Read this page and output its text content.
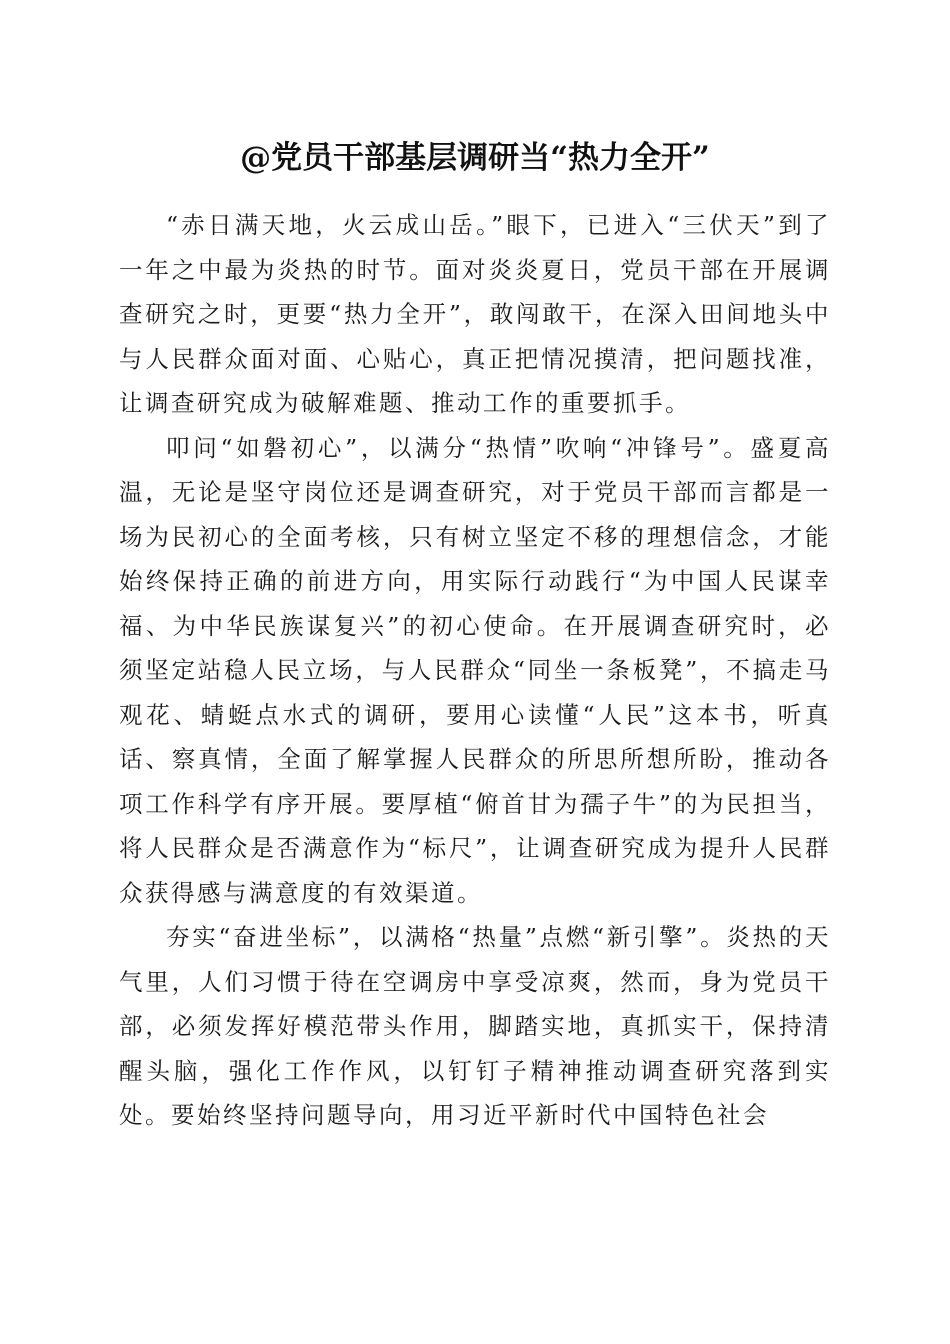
@党员干部基层调研当“热力全开”

“赤日满天地，火云成山岳。”眼下，已进入“三伏天”到了一年之中最为炎热的时节。面对炎炎夏日，党员干部在开展调查研究之时，更要“热力全开”，敢闯敢干，在深入田间地头中与人民群众面对面、心贴心，真正把情况摸清，把问题找准，让调查研究成为破解难题、推动工作的重要抓手。

叩问“如磐初心”，以满分“热情”吹响“冲锋号”。盛夏高温，无论是坚守岗位还是调查研究，对于党员干部而言都是一场为民初心的全面考核，只有树立坚定不移的理想信念，才能始终保持正确的前进方向，用实际行动践行“为中国人民谋幸福、为中华民族谋复兴”的初心使命。在开展调查研究时，必须坚定站稳人民立场，与人民群众“同坐一条板凳”，不搞走马观花、蜻蜓点水式的调研，要用心读懂“人民”这本书，听真话、察真情，全面了解掌握人民群众的所思所想所盼，推动各项工作科学有序开展。要厚植“俯首甘为孺子牛”的为民担当，将人民群众是否满意作为“标尺”，让调查研究成为提升人民群众获得感与满意度的有效渠道。

夯实“奋进坐标”，以满格“热量”点燃“新引擎”。炎热的天气里，人们习惯于待在空调房中享受凉爽，然而，身为党员干部，必须发挥好模范带头作用，脚踏实地，真抓实干，保持清醒头脑，强化工作作风，以钉钉子精神推动调查研究落到实处。要始终坚持问题导向，用习近平新时代中国特色社会
